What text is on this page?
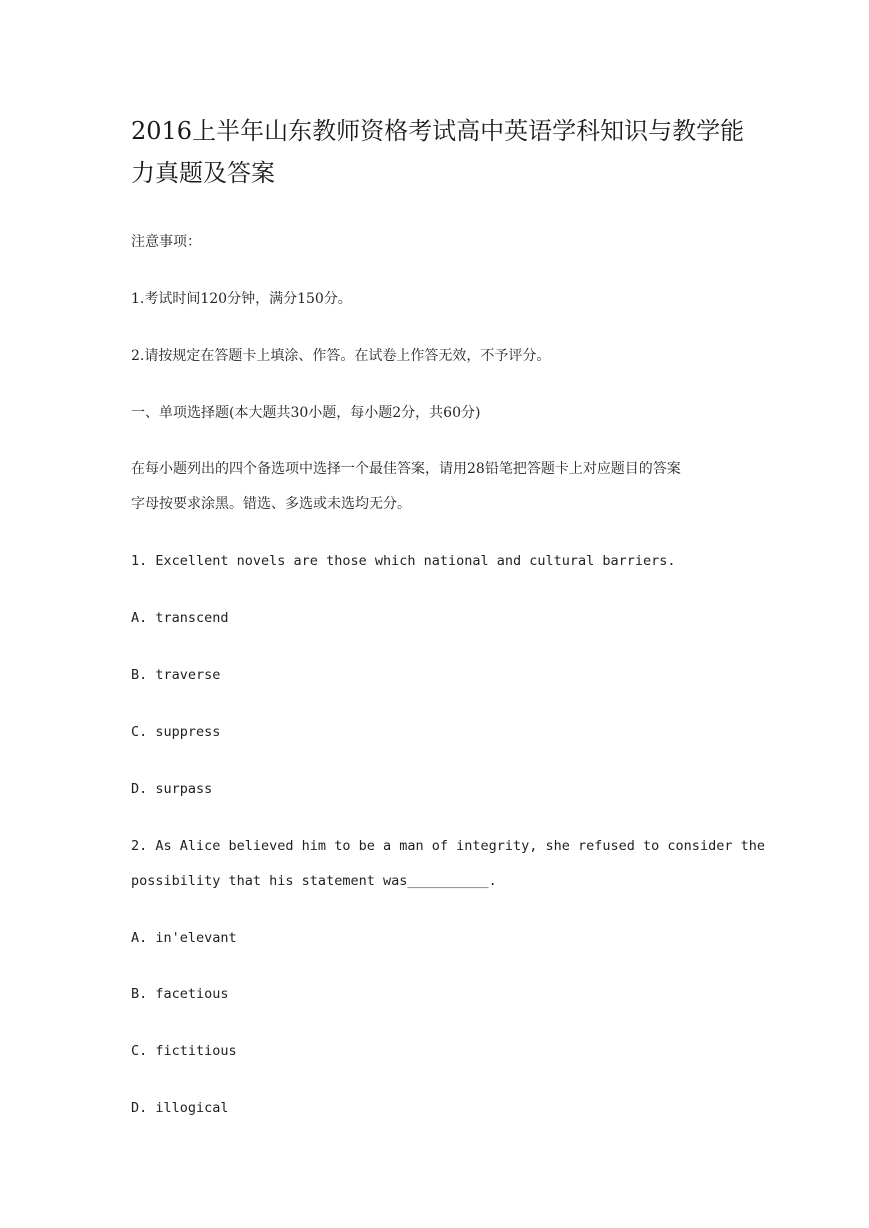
2016上半年山东教师资格考试高中英语学科知识与教学能力真题及答案

注意事项：

1.考试时间120分钟，满分150分。

2.请按规定在答题卡上填涂、作答。在试卷上作答无效，不予评分。

一、单项选择题(本大题共30小题，每小题2分，共60分)

在每小题列出的四个备选项中选择一个最佳答案，请用28铅笔把答题卡上对应题目的答案

字母按要求涂黑。错选、多选或未选均无分。

1. Excellent novels are those which national and cultural barriers.

A. transcend

B. traverse

C. suppress

D. surpass

2. As Alice believed him to be a man of integrity, she refused to consider the

possibility that his statement was__________.

A. in'elevant

B. facetious

C. fictitious

D. illogical
